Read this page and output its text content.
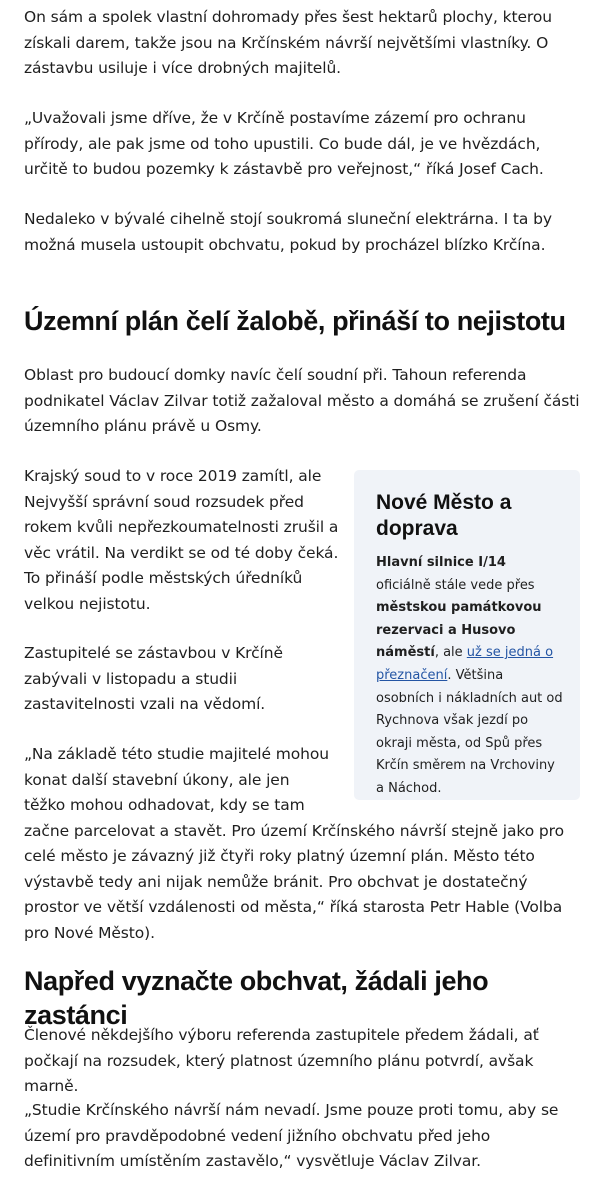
On sám a spolek vlastní dohromady přes šest hektarů plochy, kterou získali darem, takže jsou na Krčínském návrší největšími vlastníky. O zástavbu usiluje i více drobných majitelů.

„Uvažovali jsme dříve, že v Krčíně postavíme zázemí pro ochranu přírody, ale pak jsme od toho upustili. Co bude dál, je ve hvězdách, určitě to budou pozemky k zástavbě pro veřejnost,“ říká Josef Cach.

Nedaleko v bývalé cihelně stojí soukromá sluneční elektrárna. I ta by možná musela ustoupit obchvatu, pokud by procházel blízko Krčína.

Územní plán čelí žalobě, přináší to nejistotu

Oblast pro budoucí domky navíc čelí soudní při. Tahoun referenda podnikatel Václav Zilvar totiž zažaloval město a domáhá se zrušení části územního plánu právě u Osmy.

Krajský soud to v roce 2019 zamítl, ale Nejvyšší správní soud rozsudek před rokem kvůli nepřezkoumatelnosti zrušil a věc vrátil. Na verdikt se od té doby čeká. To přináší podle městských úředníků velkou nejistotu.

Nové Město a doprava

Hlavní silnice I/14 oficiálně stále vede přes městskou památkovou rezervaci a Husovo náměstí, ale už se jedná o přeznačení. Většina osobních i nákladních aut od Rychnova však jezdí po okraji města, od Spů přes Krčín směrem na Vrchoviny a Náchod.

Zastupitelé se zástavbou v Krčíně zabývali v listopadu a studii zastavitelnosti vzali na vědomí.

„Na základě této studie majitelé mohou konat další stavební úkony, ale jen těžko mohou odhadovat, kdy se tam začne parcelovat a stavět. Pro území Krčínského návrší stejně jako pro celé město je závazný již čtyři roky platný územní plán. Město této výstavbě tedy ani nijak nemůže bránit. Pro obchvat je dostatečný prostor ve větší vzdálenosti od města,“ říká starosta Petr Hable (Volba pro Nové Město).

Napřed vyznačte obchvat, žádali jeho zastánci

Členové někdejšího výboru referenda zastupitele předem žádali, ať počkají na rozsudek, který platnost územního plánu potvrdí, avšak marně.

„Studie Krčínského návrší nám nevadí. Jsme pouze proti tomu, aby se území pro pravděpodobné vedení jižního obchvatu před jeho definitivním umístěním zastavělo,“ vysvětluje Václav Zilvar.
